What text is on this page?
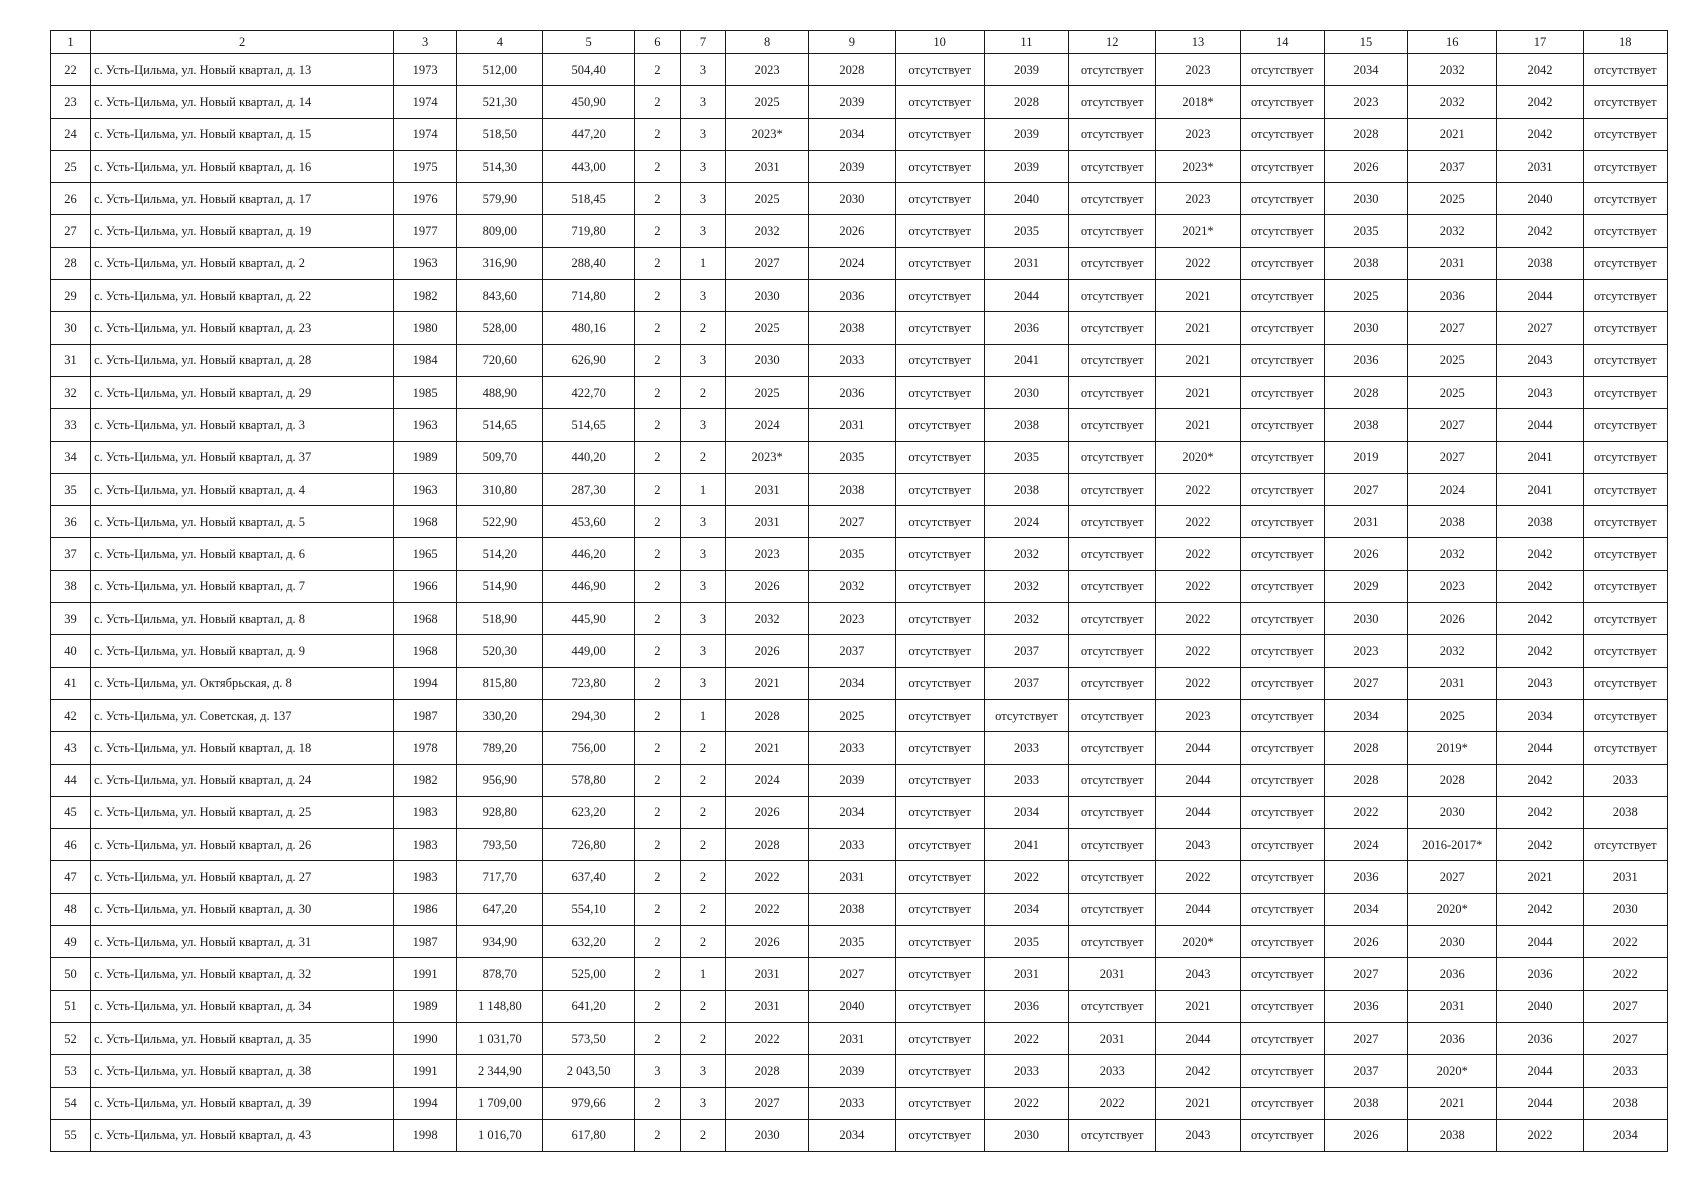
1	2	3	4	5	6	7	8	9	10	11	12	13	14	15	16	17	18
22	с. Усть-Цильма, ул. Новый квартал, д. 13	1973	512,00	504,40	2	3	2023	2028	отсутствует	2039	отсутствует	2023	отсутствует	2034	2032	2042	отсутствует
23	с. Усть-Цильма, ул. Новый квартал, д. 14	1974	521,30	450,90	2	3	2025	2039	отсутствует	2028	отсутствует	2018*	отсутствует	2023	2032	2042	отсутствует
24	с. Усть-Цильма, ул. Новый квартал, д. 15	1974	518,50	447,20	2	3	2023*	2034	отсутствует	2039	отсутствует	2023	отсутствует	2028	2021	2042	отсутствует
25	с. Усть-Цильма, ул. Новый квартал, д. 16	1975	514,30	443,00	2	3	2031	2039	отсутствует	2039	отсутствует	2023*	отсутствует	2026	2037	2031	отсутствует
26	с. Усть-Цильма, ул. Новый квартал, д. 17	1976	579,90	518,45	2	3	2025	2030	отсутствует	2040	отсутствует	2023	отсутствует	2030	2025	2040	отсутствует
27	с. Усть-Цильма, ул. Новый квартал, д. 19	1977	809,00	719,80	2	3	2032	2026	отсутствует	2035	отсутствует	2021*	отсутствует	2035	2032	2042	отсутствует
28	с. Усть-Цильма, ул. Новый квартал, д. 2	1963	316,90	288,40	2	1	2027	2024	отсутствует	2031	отсутствует	2022	отсутствует	2038	2031	2038	отсутствует
29	с. Усть-Цильма, ул. Новый квартал, д. 22	1982	843,60	714,80	2	3	2030	2036	отсутствует	2044	отсутствует	2021	отсутствует	2025	2036	2044	отсутствует
30	с. Усть-Цильма, ул. Новый квартал, д. 23	1980	528,00	480,16	2	2	2025	2038	отсутствует	2036	отсутствует	2021	отсутствует	2030	2027	2027	отсутствует
31	с. Усть-Цильма, ул. Новый квартал, д. 28	1984	720,60	626,90	2	3	2030	2033	отсутствует	2041	отсутствует	2021	отсутствует	2036	2025	2043	отсутствует
32	с. Усть-Цильма, ул. Новый квартал, д. 29	1985	488,90	422,70	2	2	2025	2036	отсутствует	2030	отсутствует	2021	отсутствует	2028	2025	2043	отсутствует
33	с. Усть-Цильма, ул. Новый квартал, д. 3	1963	514,65	514,65	2	3	2024	2031	отсутствует	2038	отсутствует	2021	отсутствует	2038	2027	2044	отсутствует
34	с. Усть-Цильма, ул. Новый квартал, д. 37	1989	509,70	440,20	2	2	2023*	2035	отсутствует	2035	отсутствует	2020*	отсутствует	2019	2027	2041	отсутствует
35	с. Усть-Цильма, ул. Новый квартал, д. 4	1963	310,80	287,30	2	1	2031	2038	отсутствует	2038	отсутствует	2022	отсутствует	2027	2024	2041	отсутствует
36	с. Усть-Цильма, ул. Новый квартал, д. 5	1968	522,90	453,60	2	3	2031	2027	отсутствует	2024	отсутствует	2022	отсутствует	2031	2038	2038	отсутствует
37	с. Усть-Цильма, ул. Новый квартал, д. 6	1965	514,20	446,20	2	3	2023	2035	отсутствует	2032	отсутствует	2022	отсутствует	2026	2032	2042	отсутствует
38	с. Усть-Цильма, ул. Новый квартал, д. 7	1966	514,90	446,90	2	3	2026	2032	отсутствует	2032	отсутствует	2022	отсутствует	2029	2023	2042	отсутствует
39	с. Усть-Цильма, ул. Новый квартал, д. 8	1968	518,90	445,90	2	3	2032	2023	отсутствует	2032	отсутствует	2022	отсутствует	2030	2026	2042	отсутствует
40	с. Усть-Цильма, ул. Новый квартал, д. 9	1968	520,30	449,00	2	3	2026	2037	отсутствует	2037	отсутствует	2022	отсутствует	2023	2032	2042	отсутствует
41	с. Усть-Цильма, ул. Октябрьская, д. 8	1994	815,80	723,80	2	3	2021	2034	отсутствует	2037	отсутствует	2022	отсутствует	2027	2031	2043	отсутствует
42	с. Усть-Цильма, ул. Советская, д. 137	1987	330,20	294,30	2	1	2028	2025	отсутствует	отсутствует	отсутствует	2023	отсутствует	2034	2025	2034	отсутствует
43	с. Усть-Цильма, ул. Новый квартал, д. 18	1978	789,20	756,00	2	2	2021	2033	отсутствует	2033	отсутствует	2044	отсутствует	2028	2019*	2044	отсутствует
44	с. Усть-Цильма, ул. Новый квартал, д. 24	1982	956,90	578,80	2	2	2024	2039	отсутствует	2033	отсутствует	2044	отсутствует	2028	2028	2042	2033
45	с. Усть-Цильма, ул. Новый квартал, д. 25	1983	928,80	623,20	2	2	2026	2034	отсутствует	2034	отсутствует	2044	отсутствует	2022	2030	2042	2038
46	с. Усть-Цильма, ул. Новый квартал, д. 26	1983	793,50	726,80	2	2	2028	2033	отсутствует	2041	отсутствует	2043	отсутствует	2024	2016-2017*	2042	отсутствует
47	с. Усть-Цильма, ул. Новый квартал, д. 27	1983	717,70	637,40	2	2	2022	2031	отсутствует	2022	отсутствует	2022	отсутствует	2036	2027	2021	2031
48	с. Усть-Цильма, ул. Новый квартал, д. 30	1986	647,20	554,10	2	2	2022	2038	отсутствует	2034	отсутствует	2044	отсутствует	2034	2020*	2042	2030
49	с. Усть-Цильма, ул. Новый квартал, д. 31	1987	934,90	632,20	2	2	2026	2035	отсутствует	2035	отсутствует	2020*	отсутствует	2026	2030	2044	2022
50	с. Усть-Цильма, ул. Новый квартал, д. 32	1991	878,70	525,00	2	1	2031	2027	отсутствует	2031	2031	2043	отсутствует	2027	2036	2036	2022
51	с. Усть-Цильма, ул. Новый квартал, д. 34	1989	1 148,80	641,20	2	2	2031	2040	отсутствует	2036	отсутствует	2021	отсутствует	2036	2031	2040	2027
52	с. Усть-Цильма, ул. Новый квартал, д. 35	1990	1 031,70	573,50	2	2	2022	2031	отсутствует	2022	2031	2044	отсутствует	2027	2036	2036	2027
53	с. Усть-Цильма, ул. Новый квартал, д. 38	1991	2 344,90	2 043,50	3	3	2028	2039	отсутствует	2033	2033	2042	отсутствует	2037	2020*	2044	2033
54	с. Усть-Цильма, ул. Новый квартал, д. 39	1994	1 709,00	979,66	2	3	2027	2033	отсутствует	2022	2022	2021	отсутствует	2038	2021	2044	2038
55	с. Усть-Цильма, ул. Новый квартал, д. 43	1998	1 016,70	617,80	2	2	2030	2034	отсутствует	2030	отсутствует	2043	отсутствует	2026	2038	2022	2034
